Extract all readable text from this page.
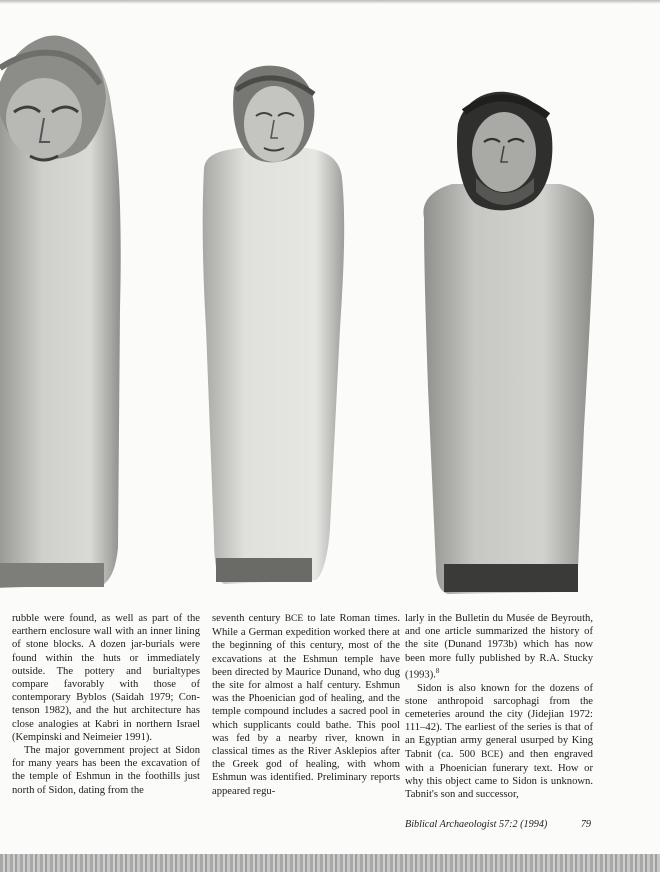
rubble were found, as well as part of the earthern enclosure wall with an inner lining of stone blocks. A dozen jar-burials were found within the huts or immediately outside. The pottery and burialtypes compare favorably with those of contemporary Byblos (Saidah 1979; Contenson 1982), and the hut architecture has close analogies at Kabri in northern Israel (Kempinski and Neimeier 1991).

The major government project at Sidon for many years has been the excavation of the temple of Eshmun in the foothills just north of Sidon, dating from the

seventh century BCE to late Roman times. While a German expedition worked there at the beginning of this century, most of the excavations at the Eshmun temple have been directed by Maurice Dunand, who dug the site for almost a half century. Eshmun was the Phoenician god of healing, and the temple compound includes a sacred pool in which supplicants could bathe. This pool was fed by a nearby river, known in classical times as the River Asklepios after the Greek god of healing, with whom Eshmun was identified. Preliminary reports appeared regu-

larly in the Bulletin du Musée de Beyrouth, and one article summarized the history of the site (Dunand 1973b) which has now been more fully published by R.A. Stucky (1993).$^8$

Sidon is also known for the dozens of stone anthropoid sarcophagi from the cemeteries around the city (Jidejian 1972: 111–42). The earliest of the series is that of an Egyptian army general usurped by King Tabnit (ca. 500 BCE) and then engraved with a Phoenician funerary text. How or why this object came to Sidon is unknown. Tabnit's son and successor,

Biblical Archaeologist 57:2 (1994)	79
